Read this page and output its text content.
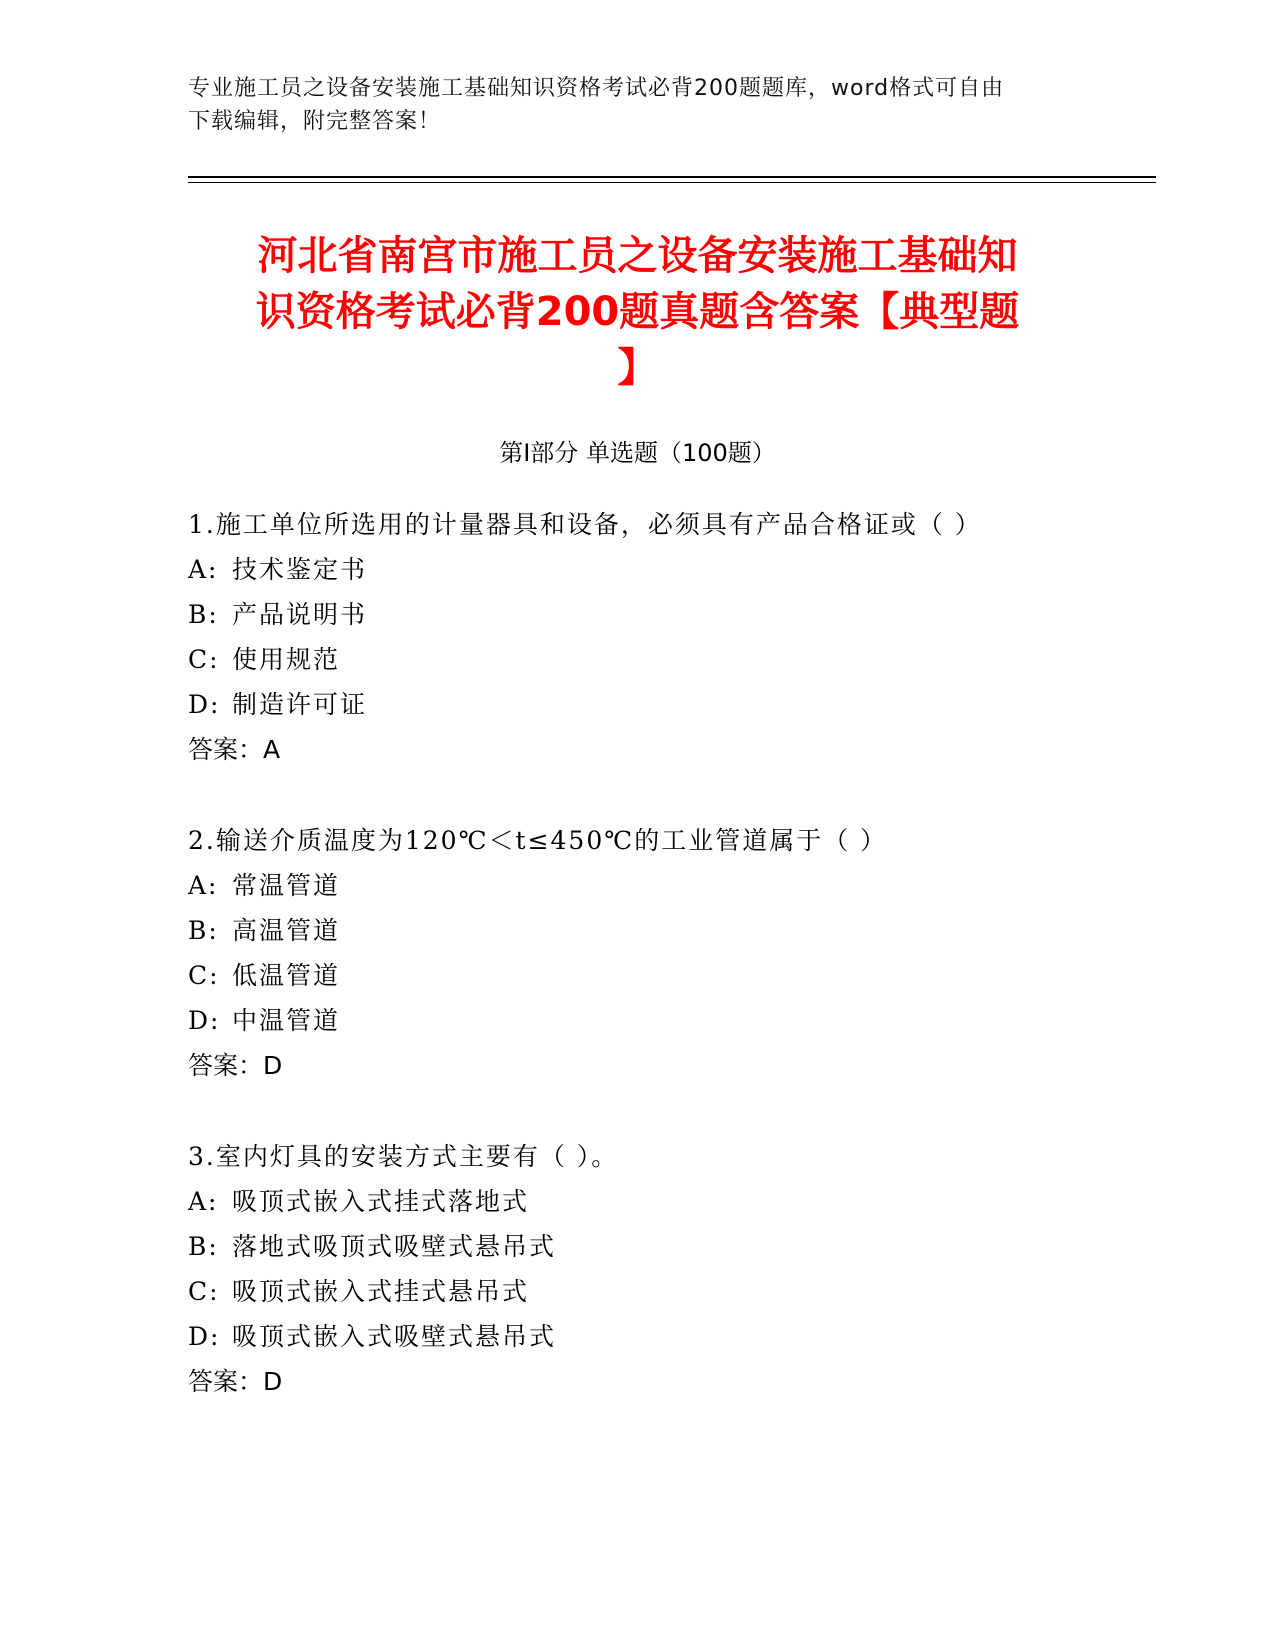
专业施工员之设备安装施工基础知识资格考试必背200题题库，word格式可自由
下载编辑，附完整答案！
河北省南宫市施工员之设备安装施工基础知
识资格考试必背200题真题含答案【典型题
】
第Ⅰ部分 单选题（100题）
1.施工单位所选用的计量器具和设备，必须具有产品合格证或（ ）
A: 技术鉴定书
B: 产品说明书
C: 使用规范
D: 制造许可证
答案：A
2.输送介质温度为120℃＜t≤450℃的工业管道属于（ ）
A: 常温管道
B: 高温管道
C: 低温管道
D: 中温管道
答案：D
3.室内灯具的安装方式主要有（ ）。
A: 吸顶式嵌入式挂式落地式
B: 落地式吸顶式吸壁式悬吊式
C: 吸顶式嵌入式挂式悬吊式
D: 吸顶式嵌入式吸壁式悬吊式
答案：D
